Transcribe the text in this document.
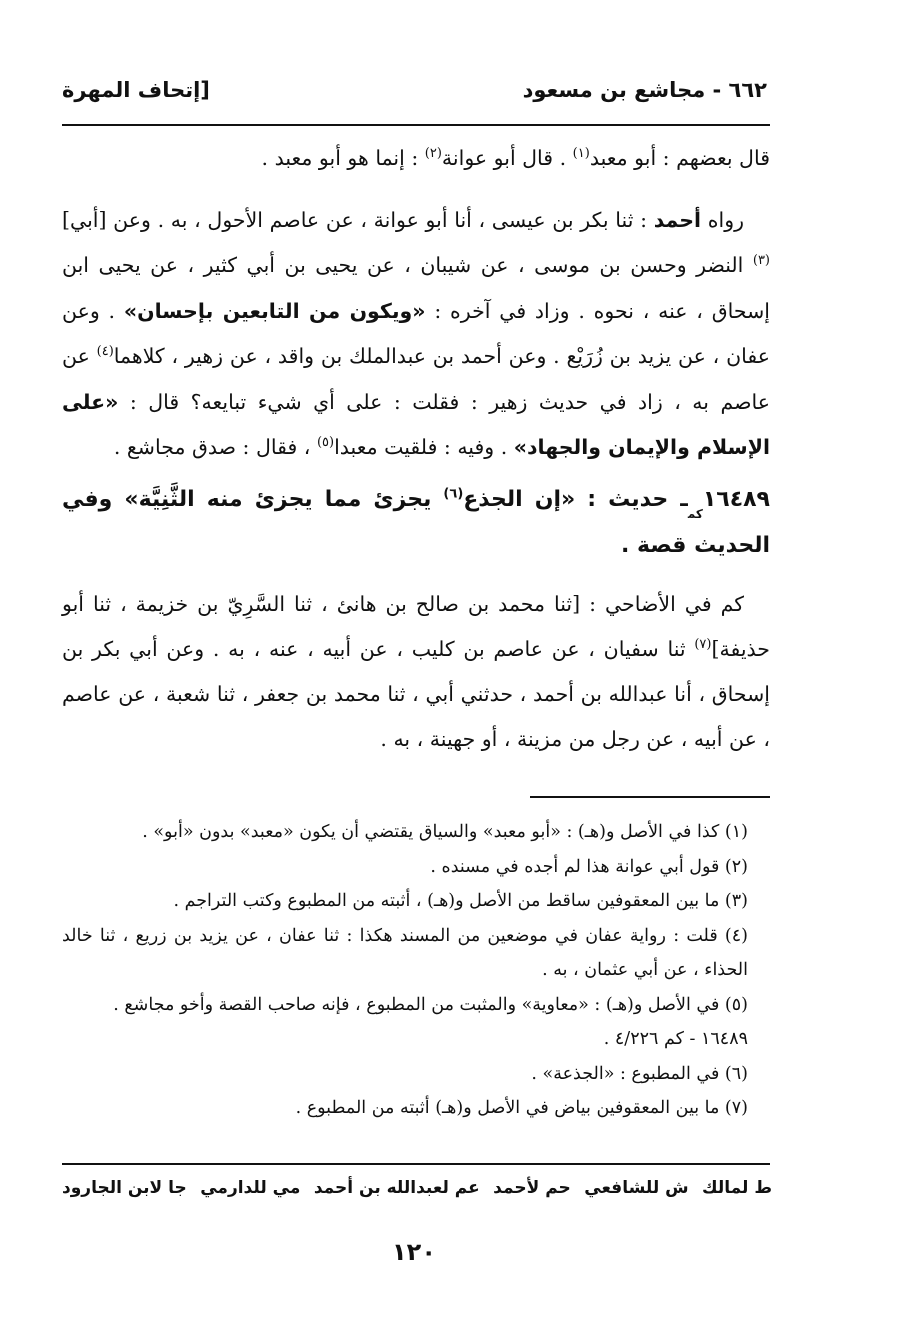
٦٦٢ - مجاشع بن مسعود
[إتحاف المهرة

قال بعضهم : أبو معبد$^{(١)}$ . قال أبو عوانة$^{(٢)}$ : إنما هو أبو معبد .

رواه أحمد : ثنا بكر بن عيسى ، أنا أبو عوانة ، عن عاصم الأحول ، به . وعن [أبي]$^{(٣)}$ النضر وحسن بن موسى ، عن شيبان ، عن يحيى بن أبي كثير ، عن يحيى ابن إسحاق ، عنه ، نحوه . وزاد في آخره : «ويكون من التابعين بإحسان» . وعن عفان ، عن يزيد بن زُرَيْع . وعن أحمد بن عبدالملك بن واقد ، عن زهير ، كلاهما$^{(٤)}$ عن عاصم به ، زاد في حديث زهير : فقلت : على أي شيء تبايعه؟ قال : «على الإسلام والإيمان والجهاد» . وفيه : فلقيت معبدا$^{(٥)}$ ، فقال : صدق مجاشع .

$١٦٤٨٩_{كم}ـ$ حديث : «إن الجذع$^{(٦)}$ يجزئ مما يجزئ منه الثَّنِيَّة» وفي الحديث قصة .

كم في الأضاحي : [ثنا محمد بن صالح بن هانئ ، ثنا السَّرِيّ بن خزيمة ، ثنا أبو حذيفة]$^{(٧)}$ ثنا سفيان ، عن عاصم بن كليب ، عن أبيه ، عنه ، به . وعن أبي بكر بن إسحاق ، أنا عبدالله بن أحمد ، حدثني أبي ، ثنا محمد بن جعفر ، ثنا شعبة ، عن عاصم ، عن أبيه ، عن رجل من مزينة ، أو جهينة ، به .

(١) كذا في الأصل و(هـ) : «أبو معبد» والسياق يقتضي أن يكون «معبد» بدون «أبو» .

(٢) قول أبي عوانة هذا لم أجده في مسنده .

(٣) ما بين المعقوفين ساقط من الأصل و(هـ) ، أثبته من المطبوع وكتب التراجم .

(٤) قلت : رواية عفان في موضعين من المسند هكذا : ثنا عفان ، عن يزيد بن زريع ، ثنا خالد الحذاء ، عن أبي عثمان ، به .

(٥) في الأصل و(هـ) : «معاوية» والمثبت من المطبوع ، فإنه صاحب القصة وأخو مجاشع .

١٦٤٨٩ - كم ٤/٢٢٦ .

(٦) في المطبوع : «الجذعة» .

(٧) ما بين المعقوفين بياض في الأصل و(هـ) أثبته من المطبوع .

ط لمالك
ش للشافعي
حم لأحمد
عم لعبدالله بن أحمد
مي للدارمي
جا لابن الجارود
١٢٠
